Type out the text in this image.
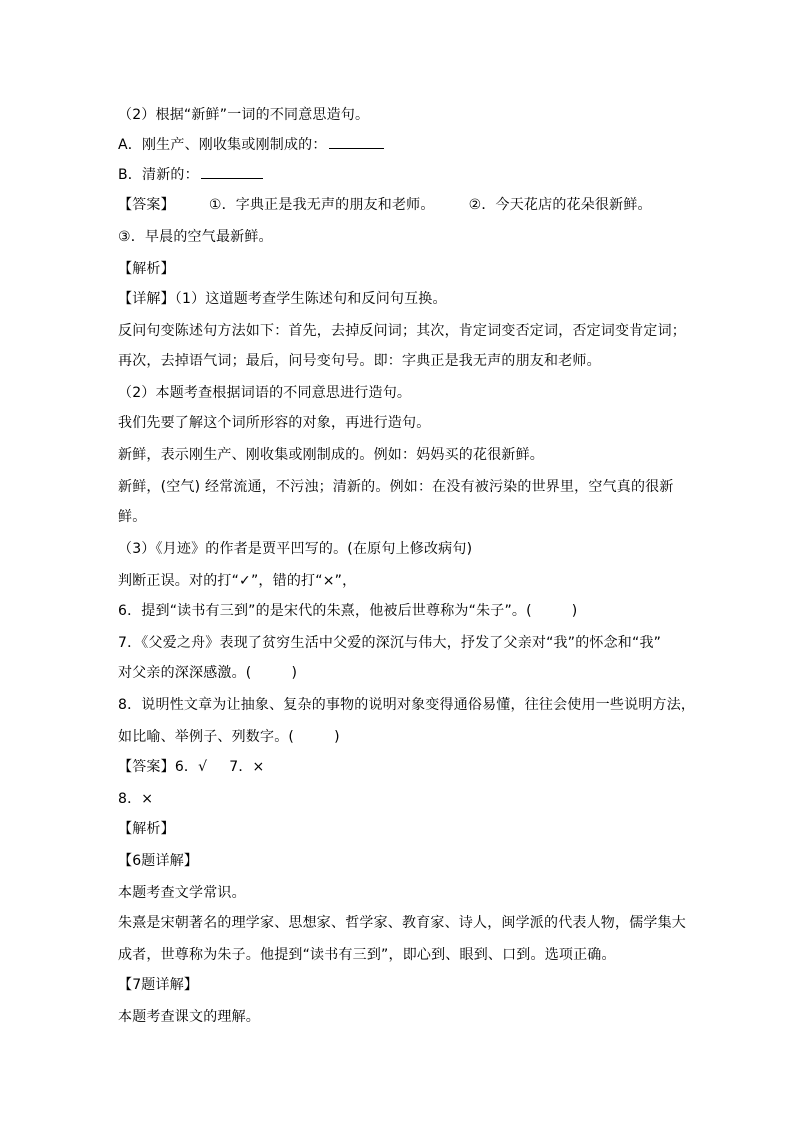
（2）根据“新鲜”一词的不同意思造句。
A．刚生产、刚收集或刚制成的：
B．清新的：
【答案】 ①．字典正是我无声的朋友和老师。 ②．今天花店的花朵很新鲜。
③．早晨的空气最新鲜。
【解析】
【详解】（1）这道题考查学生陈述句和反问句互换。
反问句变陈述句方法如下：首先，去掉反问词；其次，肯定词变否定词，否定词变肯定词；
再次，去掉语气词；最后，问号变句号。即：字典正是我无声的朋友和老师。
（2）本题考查根据词语的不同意思进行造句。
我们先要了解这个词所形容的对象，再进行造句。
新鲜，表示刚生产、刚收集或刚制成的。例如：妈妈买的花很新鲜。
新鲜，(空气) 经常流通，不污浊；清新的。例如：在没有被污染的世界里，空气真的很新
鲜。
（3）《月迹》的作者是贾平凹写的。(在原句上修改病句)
判断正误。对的打“✓”，错的打“×”，
6．提到“读书有三到”的是宋代的朱熹，他被后世尊称为“朱子”。(	)
7．《父爱之舟》表现了贫穷生活中父爱的深沉与伟大，抒发了父亲对“我”的怀念和“我”
对父亲的深深感激。(	)
8．说明性文章为让抽象、复杂的事物的说明对象变得通俗易懂，往往会使用一些说明方法，
如比喻、举例子、列数字。(	)
【答案】6．√ 7．×
8．×
【解析】
【6题详解】
本题考查文学常识。
朱熹是宋朝著名的理学家、思想家、哲学家、教育家、诗人，闽学派的代表人物，儒学集大
成者，世尊称为朱子。他提到“读书有三到”，即心到、眼到、口到。选项正确。
【7题详解】
本题考查课文的理解。
